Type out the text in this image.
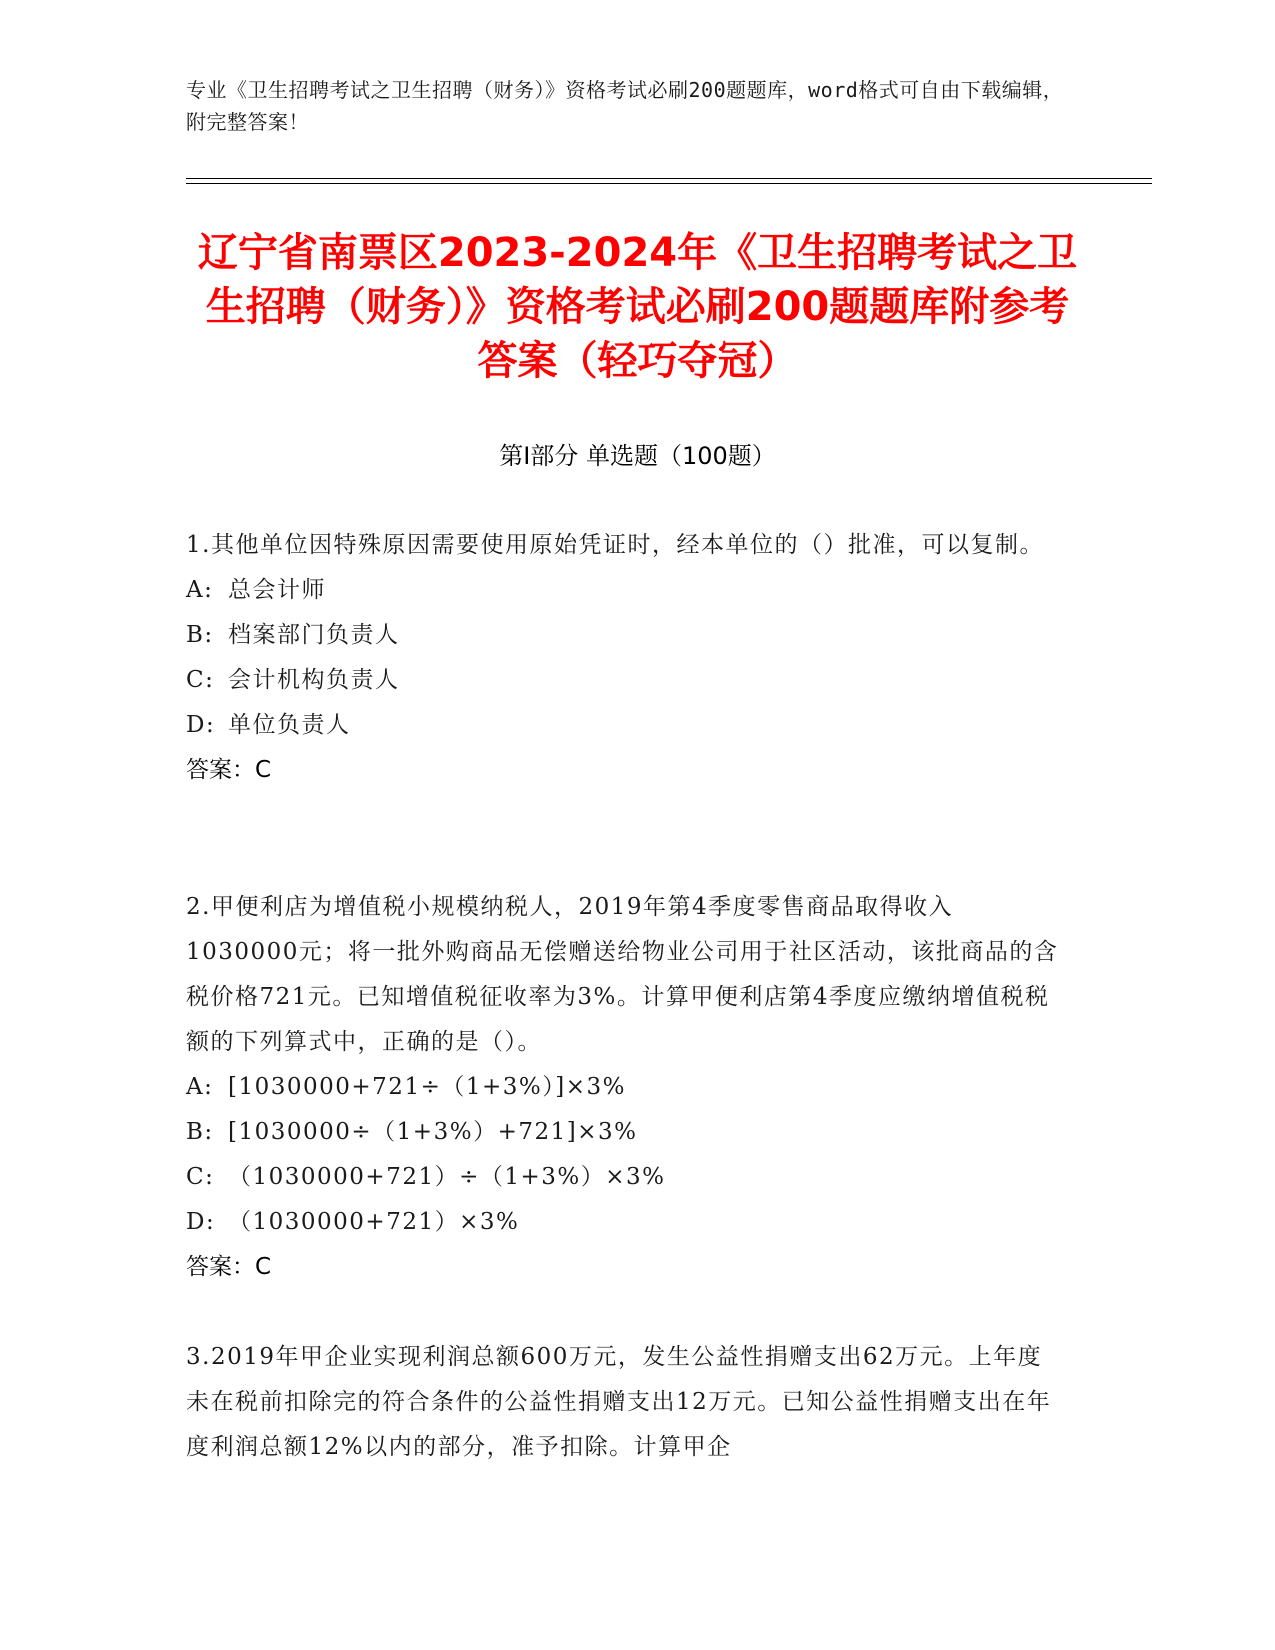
专业《卫生招聘考试之卫生招聘（财务）》资格考试必刷200题题库，word格式可自由下载编辑，附完整答案！
辽宁省南票区2023-2024年《卫生招聘考试之卫生招聘（财务）》资格考试必刷200题题库附参考答案（轻巧夺冠）
第Ⅰ部分 单选题（100题）

1.其他单位因特殊原因需要使用原始凭证时，经本单位的（）批准，可以复制。

A: 总会计师
B: 档案部门负责人
C: 会计机构负责人
D: 单位负责人
答案：C

2.甲便利店为增值税小规模纳税人，2019年第4季度零售商品取得收入1030000元；将一批外购商品无偿赠送给物业公司用于社区活动，该批商品的含税价格721元。已知增值税征收率为3%。计算甲便利店第4季度应缴纳增值税税额的下列算式中，正确的是（）。

A: [1030000+721÷（1+3%）]×3%
B: [1030000÷（1+3%）+721]×3%
C: （1030000+721）÷（1+3%）×3%
D: （1030000+721）×3%
答案：C

3.2019年甲企业实现利润总额600万元，发生公益性捐赠支出62万元。上年度未在税前扣除完的符合条件的公益性捐赠支出12万元。已知公益性捐赠支出在年度利润总额12%以内的部分，准予扣除。计算甲企
